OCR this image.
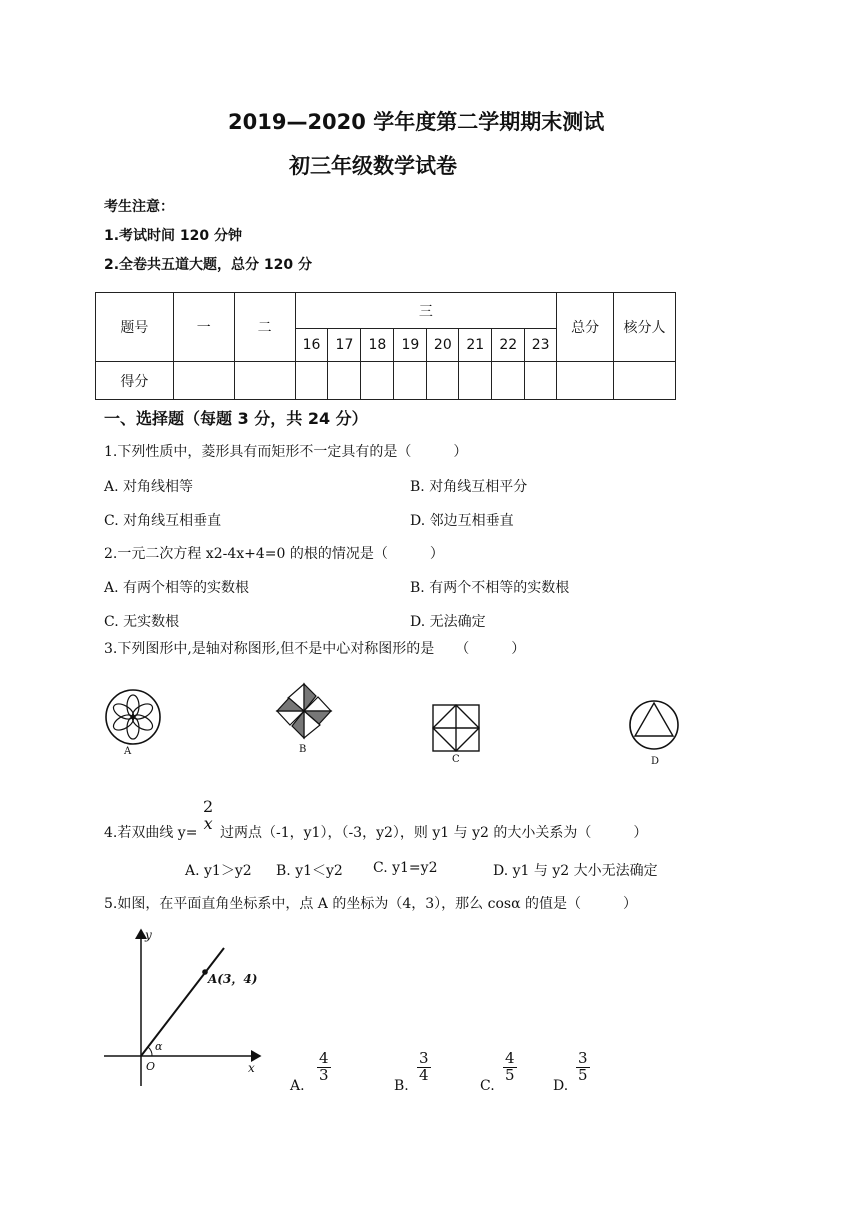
2019—2020 学年度第二学期期末测试
初三年级数学试卷
考生注意：
1.考试时间 120 分钟
2.全卷共五道大题，总分 120 分
题号	一	二	三								总分	核分人
			16	17	18	19	20	21	22	23		
得分												
一、选择题（每题 3 分，共 24 分）
1.下列性质中，菱形具有而矩形不一定具有的是（　　　）
A. 对角线相等	B. 对角线互相平分
C. 对角线互相垂直	D. 邻边互相垂直
2.一元二次方程 x2-4x+4=0 的根的情况是（　　　）
A. 有两个相等的实数根	B. 有两个不相等的实数根
C. 无实数根	D. 无法确定
3.下列图形中,是轴对称图形,但不是中心对称图形的是　　（　　　）
A	B
C	D
4.若双曲线 y=
2
x
过两点（-1，y1），（-3，y2），则 y1 与 y2 的大小关系为（　　　）
A. y1＞y2 B. y1＜y2 C. y1=y2	D. y1 与 y2 大小无法确定
5.如图，在平面直角坐标系中，点 A 的坐标为（4，3），那么 cosα 的值是（　　　）
y
x
O
α
A(3，4)
A.
$\frac{4}{3}$
B.
$\frac{3}{4}$
C.
$\frac{4}{5}$
D.
$\frac{3}{5}$
